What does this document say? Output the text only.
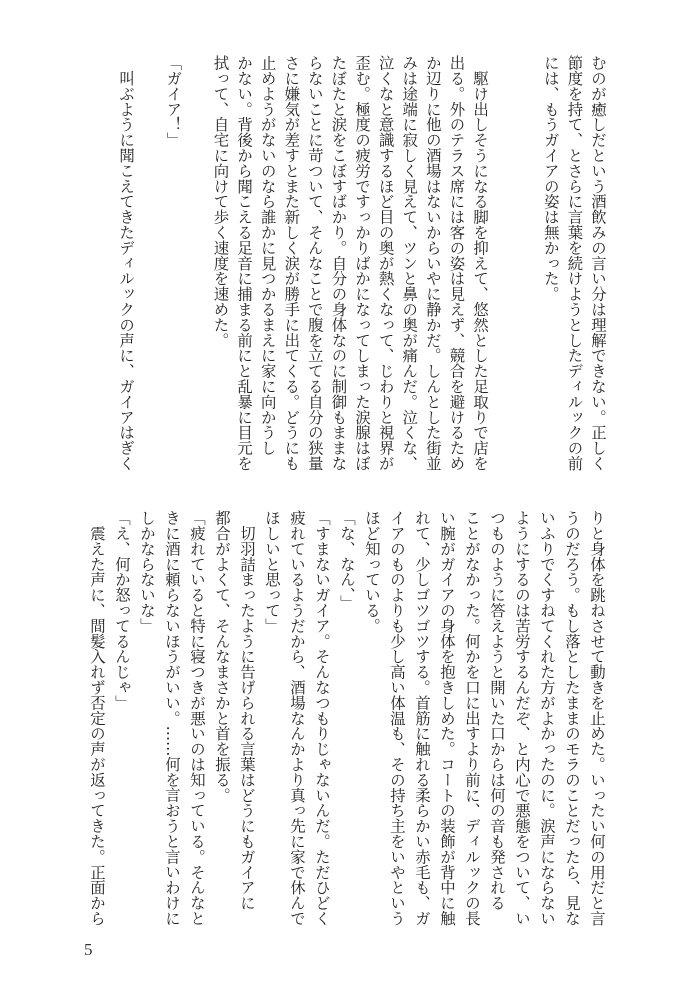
むのが癒しだという酒飲みの言い分は理解できない。正しく
節度を持て、とさらに言葉を続けようとしたディルックの前
には、もうガイアの姿は無かった。

　駆け出しそうになる脚を抑えて、悠然とした足取りで店を
出る。外のテラス席には客の姿は見えず、競合を避けるため
か辺りに他の酒場はないからいやに静かだ。しんとした街並
みは途端に寂しく見えて、ツンと鼻の奥が痛んだ。泣くな、
泣くなと意識するほど目の奥が熱くなって、じわりと視界が
歪む。極度の疲労ですっかりばかになってしまった涙腺はぼ
たぼたと涙をこぼすばかり。自分の身体なのに制御もままな
らないことに苛ついて、そんなことで腹を立てる自分の狭量
さに嫌気が差すとまた新しく涙が勝手に出てくる。どうにも
止めようがないのなら誰かに見つかるまえに家に向かうし
かない。背後から聞こえる足音に捕まる前にと乱暴に目元を
拭って、自宅に向けて歩く速度を速めた。

「ガイア！」

　叫ぶように聞こえてきたディルックの声に、ガイアはぎく
りと身体を跳ねさせて動きを止めた。いったい何の用だと言
うのだろう。もし落としたままのモラのことだったら、見な
いふりでくすねてくれた方がよかったのに。涙声にならない
ようにするのは苦労するんだぞ、と内心で悪態をついて、い
つものように答えようと開いた口からは何の音も発される
ことがなかった。何かを口に出すより前に、ディルックの長
い腕がガイアの身体を抱きしめた。コートの装飾が背中に触
れて、少しゴツゴツする。首筋に触れる柔らかい赤毛も、ガ
イアのものよりも少し高い体温も、その持ち主をいやという
ほど知っている。
「な、なん、」
「すまないガイア。そんなつもりじゃないんだ。ただひどく
疲れているようだから、酒場なんかより真っ先に家で休んで
ほしいと思って」
　切羽詰まったように告げられる言葉はどうにもガイアに
都合がよくて、そんなまさかと首を振る。
「疲れていると特に寝つきが悪いのは知っている。そんなと
きに酒に頼らないほうがいい。……何を言おうと言いわけに
しかならないな」
「え、何か怒ってるんじゃ」
　震えた声に、間髪入れず否定の声が返ってきた。正面から
5
